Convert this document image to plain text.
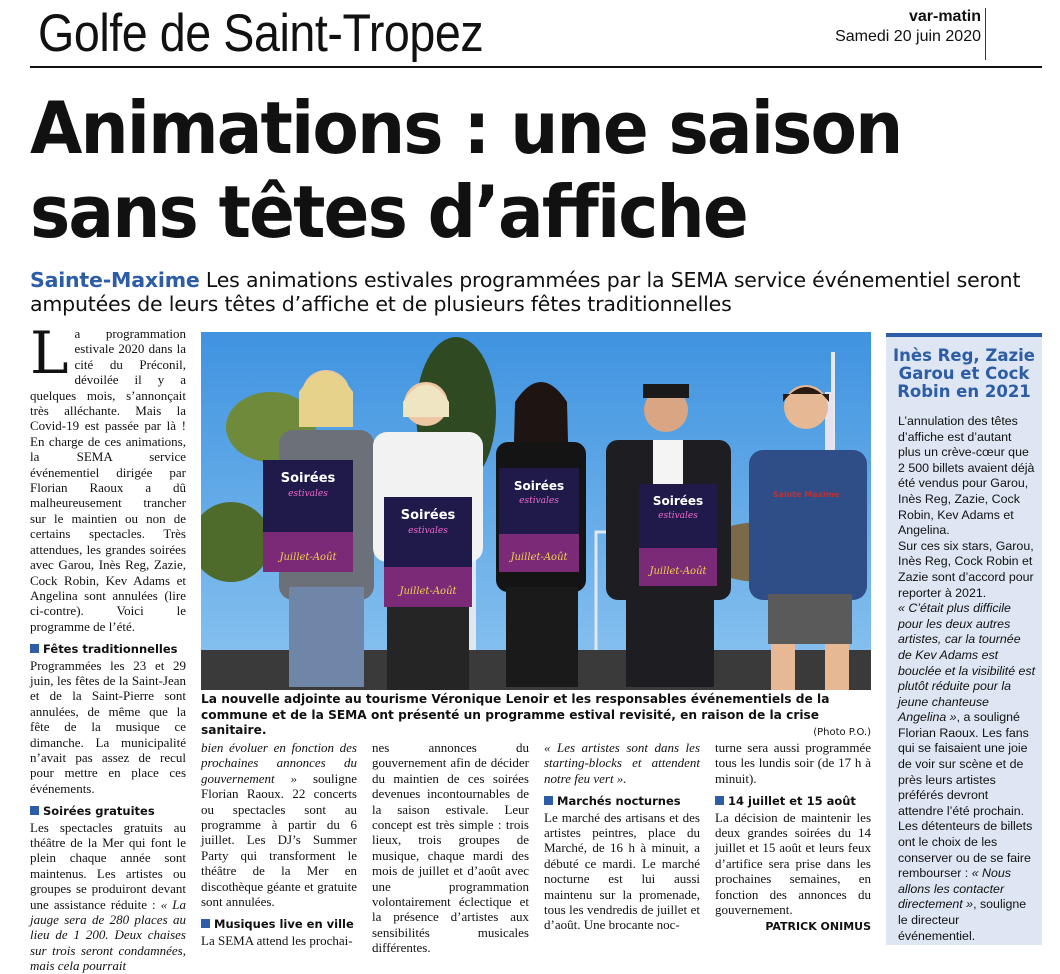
Golfe de Saint-Tropez	var-matin
Samedi 20 juin 2020
Animations : une saison
sans têtes d’affiche
Sainte-Maxime Les animations estivales programmées par la SEMA service événementiel seront amputées de leurs têtes d’affiche et de plusieurs fêtes traditionnelles

La programmation estivale 2020 dans la cité du Préconil, dévoilée il y a quelques mois, s’annonçait très alléchante. Mais la Covid-19 est passée par là ! En charge de ces animations, la SEMA service événementiel dirigée par Florian Raoux a dû malheureusement trancher sur le maintien ou non de certains spectacles. Très attendues, les grandes soirées avec Garou, Inès Reg, Zazie, Cock Robin, Kev Adams et Angelina sont annulées (lire ci-contre). Voici le programme de l’été.

Fêtes traditionnelles

Programmées les 23 et 29 juin, les fêtes de la Saint-Jean et de la Saint-Pierre sont annulées, de même que la fête de la musique ce dimanche. La municipalité n’avait pas assez de recul pour mettre en place ces événements.

Soirées gratuites

Les spectacles gratuits au théâtre de la Mer qui font le plein chaque année sont maintenus. Les artistes ou groupes se produiront devant une assistance réduite : « La jauge sera de 280 places au lieu de 1 200. Deux chaises sur trois seront condamnées, mais cela pourrait

Sainte Maxime
Soirées
estivales
Juillet-Août
Soirées
estivales
Juillet-Août
Soirées
estivales
Juillet-Août
Soirées
estivales
Juillet-Août
La nouvelle adjointe au tourisme Véronique Lenoir et les responsables événementiels de la commune et de la SEMA ont présenté un programme estival revisité, en raison de la crise sanitaire.	(Photo P.O.)

bien évoluer en fonction des prochaines annonces du gouvernement » souligne Florian Raoux. 22 concerts ou spectacles sont au programme à partir du 6 juillet. Les DJ’s Summer Party qui transforment le théâtre de la Mer en discothèque géante et gratuite sont annulées.

Musiques live en ville

La SEMA attend les prochai-

nes annonces du gouvernement afin de décider du maintien de ces soirées devenues incontournables de la saison estivale. Leur concept est très simple : trois lieux, trois groupes de musique, chaque mardi des mois de juillet et d’août avec une programmation volontairement éclectique et la présence d’artistes aux sensibilités musicales différentes.

« Les artistes sont dans les starting-blocks et attendent notre feu vert ».

Marchés nocturnes

Le marché des artisans et des artistes peintres, place du Marché, de 16 h à minuit, a débuté ce mardi. Le marché nocturne est lui aussi maintenu sur la promenade, tous les vendredis de juillet et d’août. Une brocante noc-

turne sera aussi programmée tous les lundis soir (de 17 h à minuit).

14 juillet et 15 août

La décision de maintenir les deux grandes soirées du 14 juillet et 15 août et leurs feux d’artifice sera prise dans les prochaines semaines, en fonction des annonces du gouvernement.

PATRICK ONIMUS
Inès Reg, Zazie Garou et Cock Robin en 2021

L’annulation des têtes d’affiche est d’autant plus un crève-cœur que 2 500 billets avaient déjà été vendus pour Garou, Inès Reg, Zazie, Cock Robin, Kev Adams et Angelina.

Sur ces six stars, Garou, Inès Reg, Cock Robin et Zazie sont d’accord pour reporter à 2021.

« C’était plus difficile pour les deux autres artistes, car la tournée de Kev Adams est bouclée et la visibilité est plutôt réduite pour la jeune chanteuse Angelina », a souligné Florian Raoux. Les fans qui se faisaient une joie de voir sur scène et de près leurs artistes préférés devront attendre l’été prochain. Les détenteurs de billets ont le choix de les conserver ou de se faire rembourser : « Nous allons les contacter directement », souligne le directeur événementiel.
